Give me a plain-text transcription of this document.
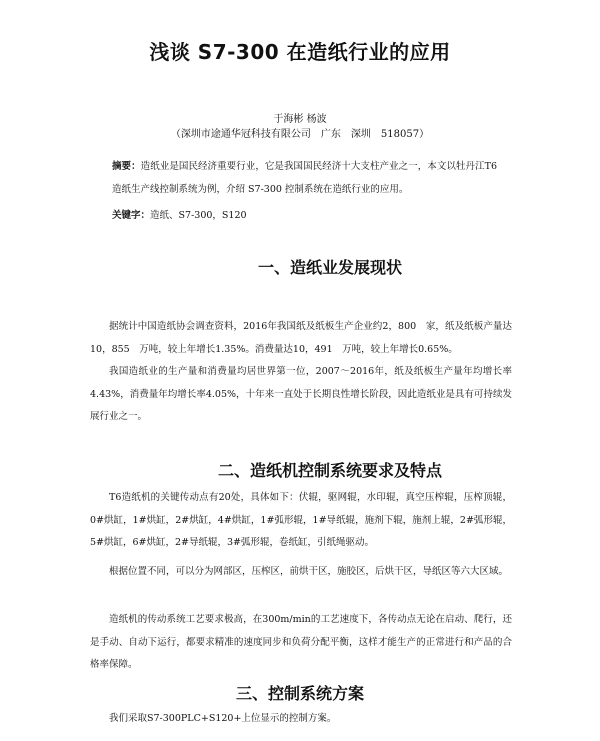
浅谈 S7-300 在造纸行业的应用
于海彬 杨波
（深圳市途通华冠科技有限公司　广东　深圳　518057）
摘要：造纸业是国民经济重要行业，它是我国国民经济十大支柱产业之一，本文以牡丹江T6造纸生产线控制系统为例，介绍 S7-300 控制系统在造纸行业的应用。
关键字：造纸、S7-300，S120
一、造纸业发展现状

据统计中国造纸协会调查资料，2016年我国纸及纸板生产企业约2，800　家，纸及纸板产量达10，855　万吨，较上年增长1.35%。消费量达10，491　万吨，较上年增长0.65%。

我国造纸业的生产量和消费量均居世界第一位，2007～2016年，纸及纸板生产量年均增长率4.43%，消费量年均增长率4.05%，十年来一直处于长期良性增长阶段，因此造纸业是具有可持续发展行业之一。

二、造纸机控制系统要求及特点

T6造纸机的关键传动点有20处，具体如下：伏辊，驱网辊，水印辊，真空压榨辊，压榨顶辊，0#烘缸，1#烘缸，2#烘缸，4#烘缸，1#弧形辊，1#导纸辊，施剂下辊，施剂上辊，2#弧形辊，5#烘缸，6#烘缸，2#导纸辊，3#弧形辊，卷纸缸，引纸绳驱动。

根据位置不同，可以分为网部区，压榨区，前烘干区，施胶区，后烘干区，导纸区等六大区域。

造纸机的传动系统工艺要求极高，在300m/min的工艺速度下，各传动点无论在启动、爬行，还是手动、自动下运行，都要求精准的速度同步和负荷分配平衡，这样才能生产的正常进行和产品的合格率保障。

三、控制系统方案

我们采取S7-300PLC+S120+上位显示的控制方案。
